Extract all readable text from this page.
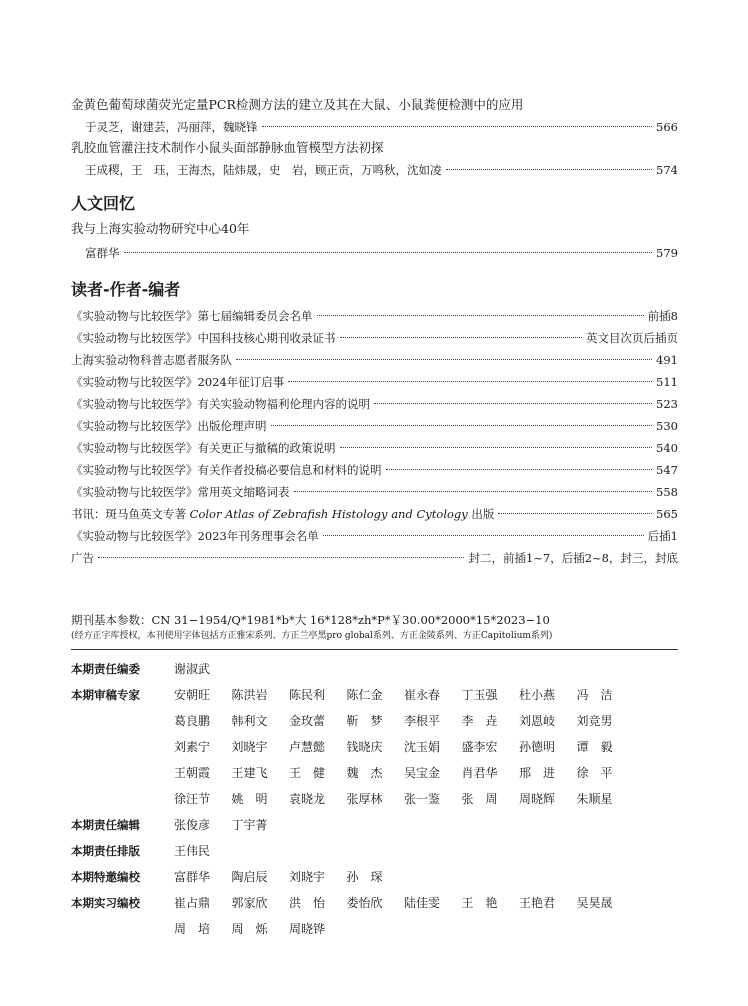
金黄色葡萄球菌荧光定量PCR检测方法的建立及其在大鼠、小鼠粪便检测中的应用
于灵芝，谢建芸，冯丽萍，魏晓锋	566
乳胶血管灌注技术制作小鼠头面部静脉血管模型方法初探
王成稷，王　珏，王海杰，陆炜晟，史　岩，顾正贡，万鸣秋，沈如凌	574
人文回忆
我与上海实验动物研究中心40年
富群华	579
读者-作者-编者
《实验动物与比较医学》第七届编辑委员会名单	前插8
《实验动物与比较医学》中国科技核心期刊收录证书	英文目次页后插页
上海实验动物科普志愿者服务队	491
《实验动物与比较医学》2024年征订启事	511
《实验动物与比较医学》有关实验动物福利伦理内容的说明	523
《实验动物与比较医学》出版伦理声明	530
《实验动物与比较医学》有关更正与撤稿的政策说明	540
《实验动物与比较医学》有关作者投稿必要信息和材料的说明	547
《实验动物与比较医学》常用英文缩略词表	558
书讯：斑马鱼英文专著 Color Atlas of Zebrafish Histology and Cytology 出版	565
《实验动物与比较医学》2023年刊务理事会名单	后插1
广告	封二，前插1~7，后插2~8，封三，封底
期刊基本参数：CN 31−1954/Q*1981*b*大 16*128*zh*P*￥30.00*2000*15*2023−10
(经方正字库授权，本刊使用字体包括方正雅宋系列、方正兰亭黑pro global系列、方正金陵系列、方正Capitolium系列)
本期责任编委	谢淑武
本期审稿专家	安朝旺	陈洪岩	陈民利	陈仁金	崔永春	丁玉强	杜小燕	冯　洁
葛良鹏	韩利文	金玫蕾	靳　梦	李根平	李　垚	刘恩岐	刘竞男
刘素宁	刘晓宇	卢慧懿	钱晓庆	沈玉娟	盛李宏	孙德明	谭　毅
王朝霞	王建飞	王　健	魏　杰	吴宝金	肖君华	邢　进	徐　平
徐汪节	姚　明	袁晓龙	张厚林	张一鉴	张　周	周晓辉	朱顺星
本期责任编辑	张俊彦	丁宇菁
本期责任排版	王伟民
本期特邀编校	富群华	陶启辰	刘晓宇	孙　琛
本期实习编校	崔占鼎	郭家欣	洪　怡	娄怡欣	陆佳雯	王　艳	王艳君	吴昊晟
周　培	周　烁	周晓铧
